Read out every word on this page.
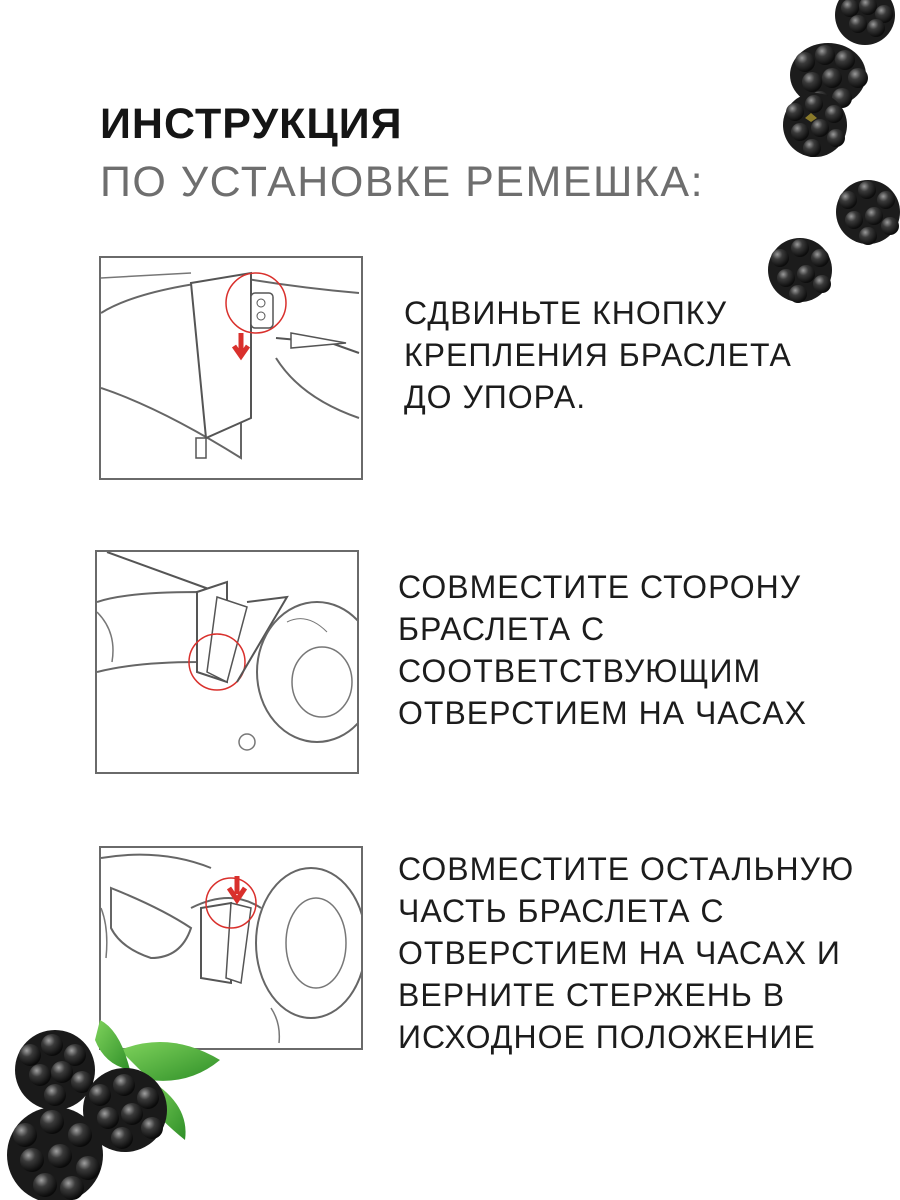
ИНСТРУКЦИЯ
ПО УСТАНОВКЕ РЕМЕШКА:

СДВИНЬТЕ КНОПКУ
КРЕПЛЕНИЯ БРАСЛЕТА
ДО УПОРА.

СОВМЕСТИТЕ СТОРОНУ
БРАСЛЕТА С
СООТВЕТСТВУЮЩИМ
ОТВЕРСТИЕМ НА ЧАСАХ

СОВМЕСТИТЕ ОСТАЛЬНУЮ
ЧАСТЬ БРАСЛЕТА С
ОТВЕРСТИЕМ НА ЧАСАХ И
ВЕРНИТЕ СТЕРЖЕНЬ В
ИСХОДНОЕ ПОЛОЖЕНИЕ
